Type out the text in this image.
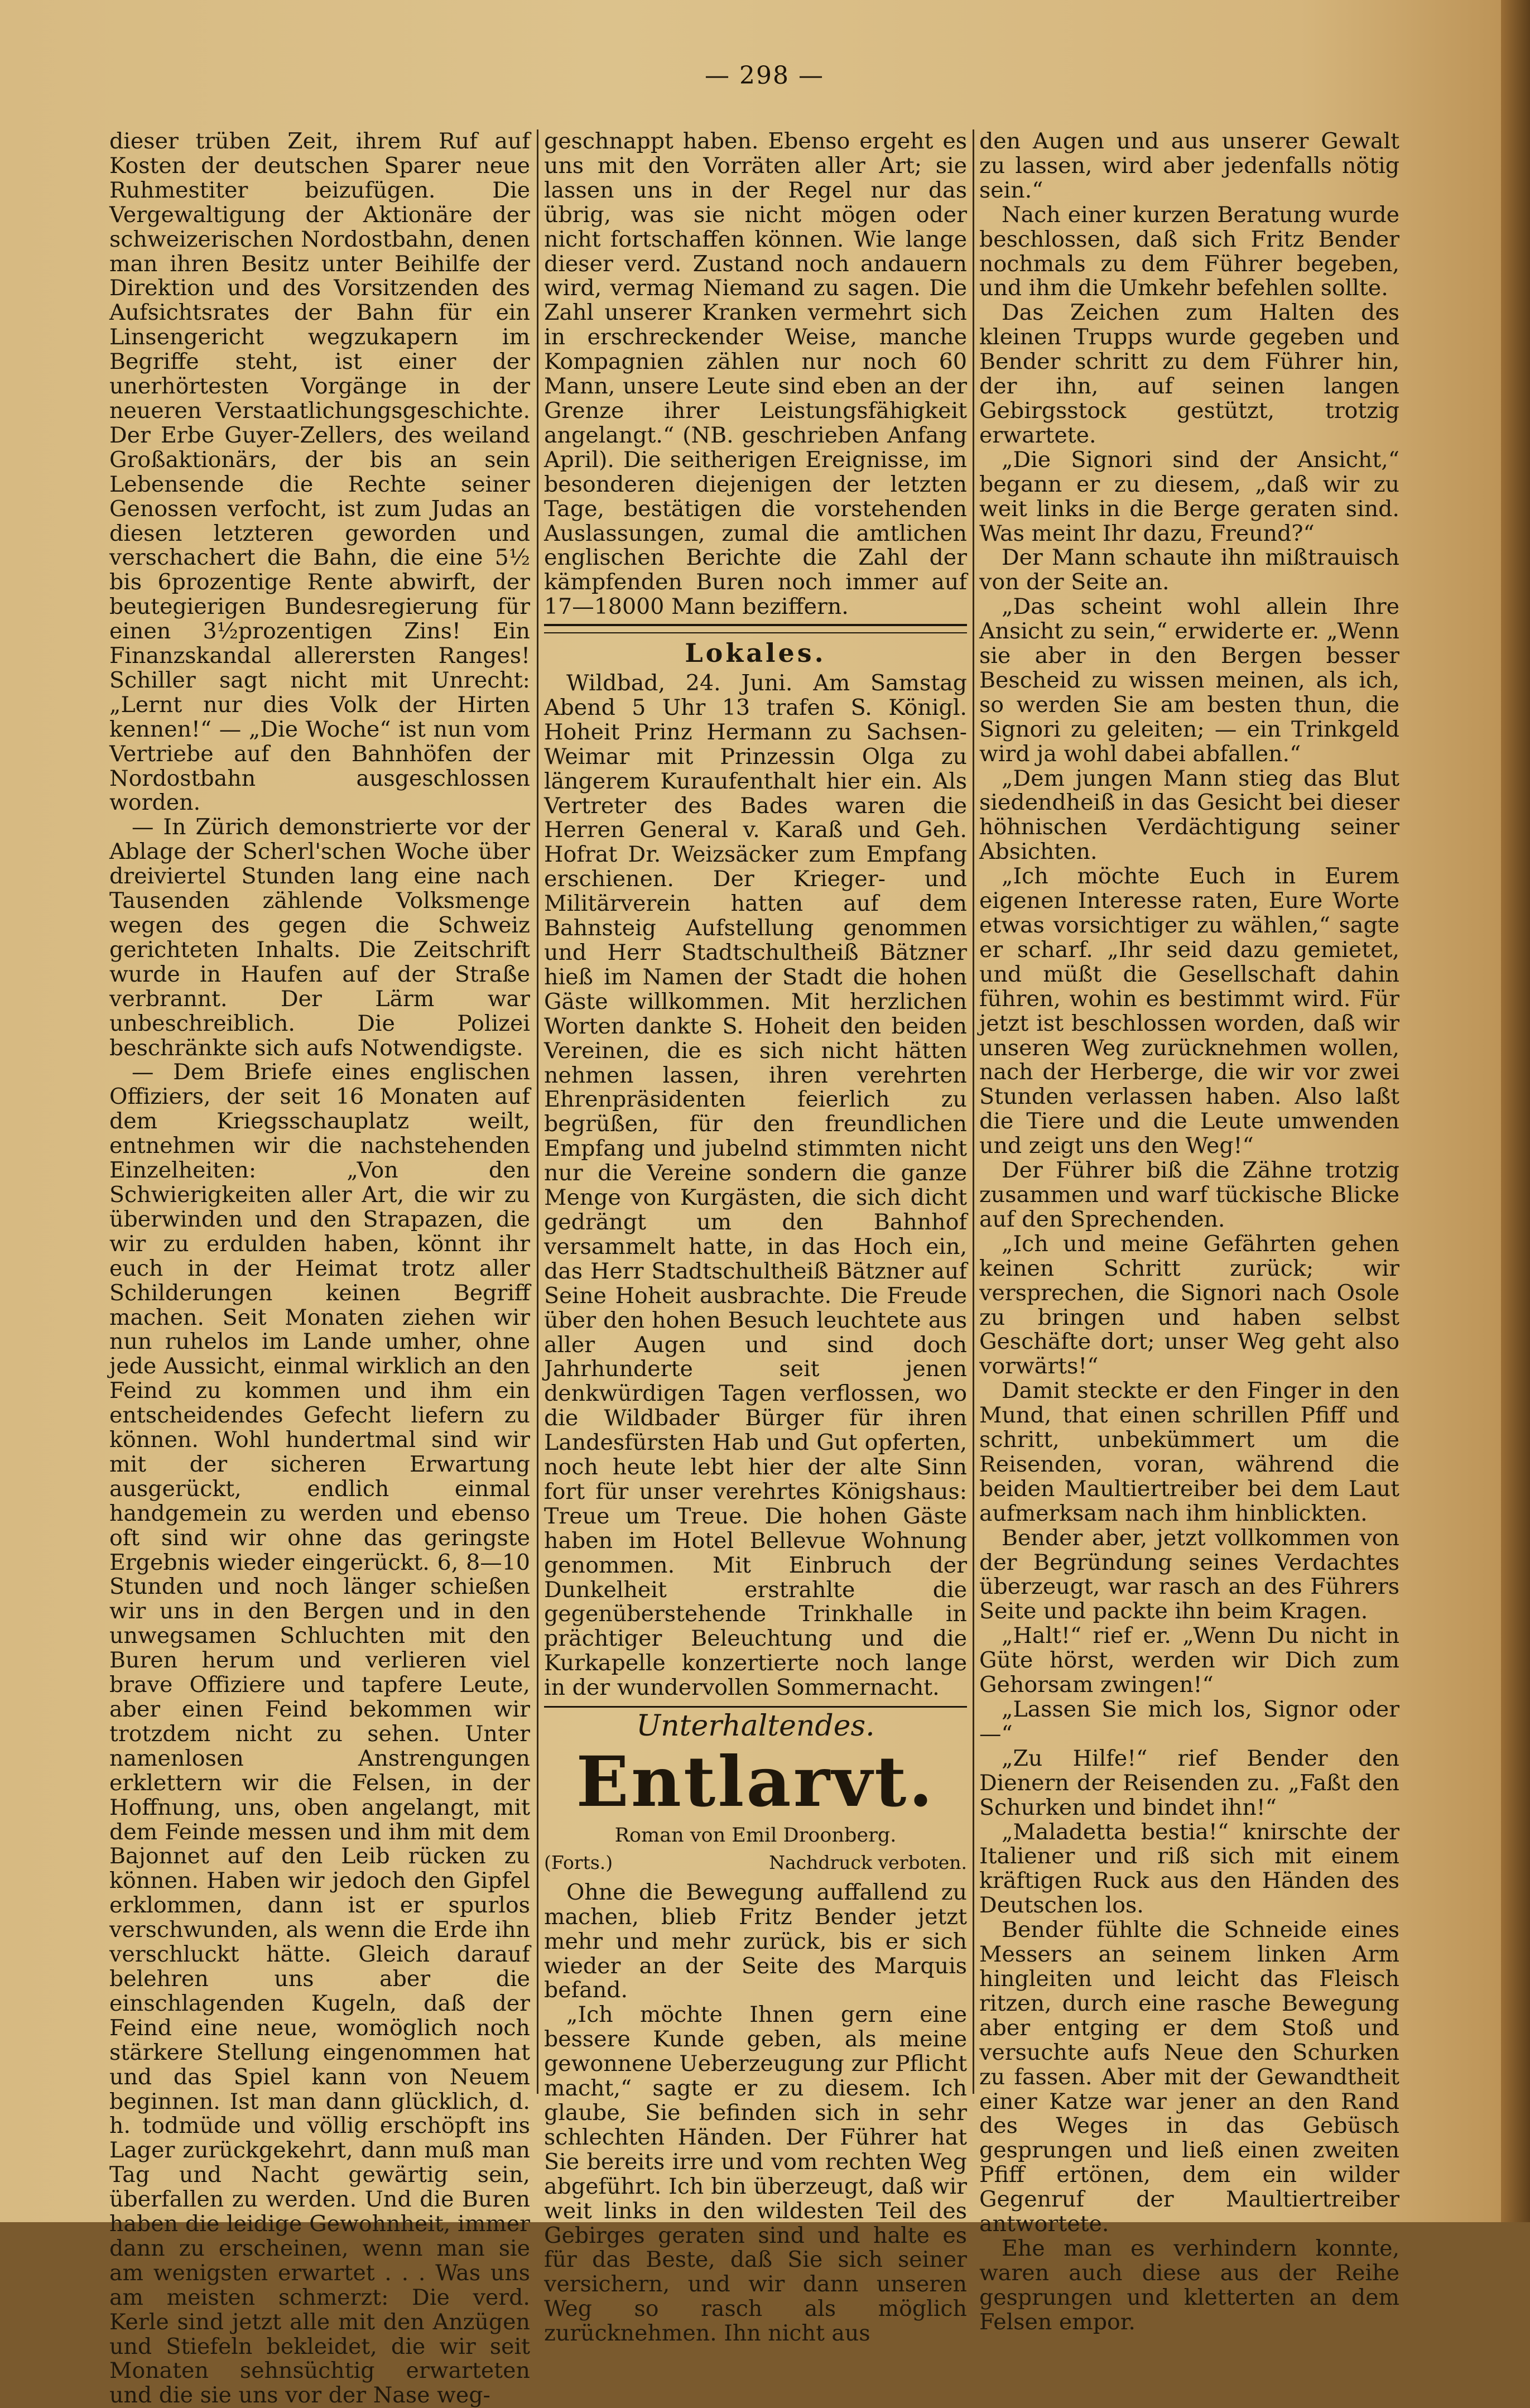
— 298 —

dieser trüben Zeit, ihrem Ruf auf Kosten der deutschen Sparer neue Ruhmestiter beizufügen. Die Vergewaltigung der Aktionäre der schweizerischen Nordostbahn, denen man ihren Besitz unter Beihilfe der Direktion und des Vorsitzenden des Aufsichtsrates der Bahn für ein Linsengericht wegzukapern im Begriffe steht, ist einer der unerhörtesten Vorgänge in der neueren Verstaatlichungsgeschichte. Der Erbe Guyer-Zellers, des weiland Großaktionärs, der bis an sein Lebensende die Rechte seiner Genossen verfocht, ist zum Judas an diesen letzteren geworden und verschachert die Bahn, die eine 5½ bis 6prozentige Rente abwirft, der beutegierigen Bundesregierung für einen 3½prozentigen Zins! Ein Finanzskandal allerersten Ranges! Schiller sagt nicht mit Unrecht: „Lernt nur dies Volk der Hirten kennen!“ — „Die Woche“ ist nun vom Vertriebe auf den Bahnhöfen der Nordostbahn ausgeschlossen worden.

— In Zürich demonstrierte vor der Ablage der Scherl'schen Woche über dreiviertel Stunden lang eine nach Tausenden zählende Volksmenge wegen des gegen die Schweiz gerichteten Inhalts. Die Zeitschrift wurde in Haufen auf der Straße verbrannt. Der Lärm war unbeschreiblich. Die Polizei beschränkte sich aufs Notwendigste.

— Dem Briefe eines englischen Offiziers, der seit 16 Monaten auf dem Kriegsschauplatz weilt, entnehmen wir die nachstehenden Einzelheiten: „Von den Schwierigkeiten aller Art, die wir zu überwinden und den Strapazen, die wir zu erdulden haben, könnt ihr euch in der Heimat trotz aller Schilderungen keinen Begriff machen. Seit Monaten ziehen wir nun ruhelos im Lande umher, ohne jede Aussicht, einmal wirklich an den Feind zu kommen und ihm ein entscheidendes Gefecht liefern zu können. Wohl hundertmal sind wir mit der sicheren Erwartung ausgerückt, endlich einmal handgemein zu werden und ebenso oft sind wir ohne das geringste Ergebnis wieder eingerückt. 6, 8—10 Stunden und noch länger schießen wir uns in den Bergen und in den unwegsamen Schluchten mit den Buren herum und verlieren viel brave Offiziere und tapfere Leute, aber einen Feind bekommen wir trotzdem nicht zu sehen. Unter namenlosen Anstrengungen erklettern wir die Felsen, in der Hoffnung, uns, oben angelangt, mit dem Feinde messen und ihm mit dem Bajonnet auf den Leib rücken zu können. Haben wir jedoch den Gipfel erklommen, dann ist er spurlos verschwunden, als wenn die Erde ihn verschluckt hätte. Gleich darauf belehren uns aber die einschlagenden Kugeln, daß der Feind eine neue, womöglich noch stärkere Stellung eingenommen hat und das Spiel kann von Neuem beginnen. Ist man dann glücklich, d. h. todmüde und völlig erschöpft ins Lager zurückgekehrt, dann muß man Tag und Nacht gewärtig sein, überfallen zu werden. Und die Buren haben die leidige Gewohnheit, immer dann zu erscheinen, wenn man sie am wenigsten erwartet . . . Was uns am meisten schmerzt: Die verd. Kerle sind jetzt alle mit den Anzügen und Stiefeln bekleidet, die wir seit Monaten sehnsüchtig erwarteten und die sie uns vor der Nase weg-

geschnappt haben. Ebenso ergeht es uns mit den Vorräten aller Art; sie lassen uns in der Regel nur das übrig, was sie nicht mögen oder nicht fortschaffen können. Wie lange dieser verd. Zustand noch andauern wird, vermag Niemand zu sagen. Die Zahl unserer Kranken vermehrt sich in erschreckender Weise, manche Kompagnien zählen nur noch 60 Mann, unsere Leute sind eben an der Grenze ihrer Leistungsfähigkeit angelangt.“ (NB. geschrieben Anfang April). Die seitherigen Ereignisse, im besonderen diejenigen der letzten Tage, bestätigen die vorstehenden Auslassungen, zumal die amtlichen englischen Berichte die Zahl der kämpfenden Buren noch immer auf 17—18000 Mann beziffern.

Lokales.

Wildbad, 24. Juni. Am Samstag Abend 5 Uhr 13 trafen S. Königl. Hoheit Prinz Hermann zu Sachsen-Weimar mit Prinzessin Olga zu längerem Kuraufenthalt hier ein. Als Vertreter des Bades waren die Herren General v. Karaß und Geh. Hofrat Dr. Weizsäcker zum Empfang erschienen. Der Krieger- und Militärverein hatten auf dem Bahnsteig Aufstellung genommen und Herr Stadtschultheiß Bätzner hieß im Namen der Stadt die hohen Gäste willkommen. Mit herzlichen Worten dankte S. Hoheit den beiden Vereinen, die es sich nicht hätten nehmen lassen, ihren verehrten Ehrenpräsidenten feierlich zu begrüßen, für den freundlichen Empfang und jubelnd stimmten nicht nur die Vereine sondern die ganze Menge von Kurgästen, die sich dicht gedrängt um den Bahnhof versammelt hatte, in das Hoch ein, das Herr Stadtschultheiß Bätzner auf Seine Hoheit ausbrachte. Die Freude über den hohen Besuch leuchtete aus aller Augen und sind doch Jahrhunderte seit jenen denkwürdigen Tagen verflossen, wo die Wildbader Bürger für ihren Landesfürsten Hab und Gut opferten, noch heute lebt hier der alte Sinn fort für unser verehrtes Königshaus: Treue um Treue. Die hohen Gäste haben im Hotel Bellevue Wohnung genommen. Mit Einbruch der Dunkelheit erstrahlte die gegenüberstehende Trinkhalle in prächtiger Beleuchtung und die Kurkapelle konzertierte noch lange in der wundervollen Sommernacht.

Unterhaltendes.
Entlarvt.
Roman von Emil Droonberg.
(Forts.)	Nachdruck verboten.

Ohne die Bewegung auffallend zu machen, blieb Fritz Bender jetzt mehr und mehr zurück, bis er sich wieder an der Seite des Marquis befand.

„Ich möchte Ihnen gern eine bessere Kunde geben, als meine gewonnene Ueberzeugung zur Pflicht macht,“ sagte er zu diesem. Ich glaube, Sie befinden sich in sehr schlechten Händen. Der Führer hat Sie bereits irre und vom rechten Weg abgeführt. Ich bin überzeugt, daß wir weit links in den wildesten Teil des Gebirges geraten sind und halte es für das Beste, daß Sie sich seiner versichern, und wir dann unseren Weg so rasch als möglich zurücknehmen. Ihn nicht aus

den Augen und aus unserer Gewalt zu lassen, wird aber jedenfalls nötig sein.“

Nach einer kurzen Beratung wurde beschlossen, daß sich Fritz Bender nochmals zu dem Führer begeben, und ihm die Umkehr befehlen sollte.

Das Zeichen zum Halten des kleinen Trupps wurde gegeben und Bender schritt zu dem Führer hin, der ihn, auf seinen langen Gebirgsstock gestützt, trotzig erwartete.

„Die Signori sind der Ansicht,“ begann er zu diesem, „daß wir zu weit links in die Berge geraten sind. Was meint Ihr dazu, Freund?“

Der Mann schaute ihn mißtrauisch von der Seite an.

„Das scheint wohl allein Ihre Ansicht zu sein,“ erwiderte er. „Wenn sie aber in den Bergen besser Bescheid zu wissen meinen, als ich, so werden Sie am besten thun, die Signori zu geleiten; — ein Trinkgeld wird ja wohl dabei abfallen.“

„Dem jungen Mann stieg das Blut siedendheiß in das Gesicht bei dieser höhnischen Verdächtigung seiner Absichten.

„Ich möchte Euch in Eurem eigenen Interesse raten, Eure Worte etwas vorsichtiger zu wählen,“ sagte er scharf. „Ihr seid dazu gemietet, und müßt die Gesellschaft dahin führen, wohin es bestimmt wird. Für jetzt ist beschlossen worden, daß wir unseren Weg zurücknehmen wollen, nach der Herberge, die wir vor zwei Stunden verlassen haben. Also laßt die Tiere und die Leute umwenden und zeigt uns den Weg!“

Der Führer biß die Zähne trotzig zusammen und warf tückische Blicke auf den Sprechenden.

„Ich und meine Gefährten gehen keinen Schritt zurück; wir versprechen, die Signori nach Osole zu bringen und haben selbst Geschäfte dort; unser Weg geht also vorwärts!“

Damit steckte er den Finger in den Mund, that einen schrillen Pfiff und schritt, unbekümmert um die Reisenden, voran, während die beiden Maultiertreiber bei dem Laut aufmerksam nach ihm hinblickten.

Bender aber, jetzt vollkommen von der Begründung seines Verdachtes überzeugt, war rasch an des Führers Seite und packte ihn beim Kragen.

„Halt!“ rief er. „Wenn Du nicht in Güte hörst, werden wir Dich zum Gehorsam zwingen!“

„Lassen Sie mich los, Signor oder —“

„Zu Hilfe!“ rief Bender den Dienern der Reisenden zu. „Faßt den Schurken und bindet ihn!“

„Maladetta bestia!“ knirschte der Italiener und riß sich mit einem kräftigen Ruck aus den Händen des Deutschen los.

Bender fühlte die Schneide eines Messers an seinem linken Arm hingleiten und leicht das Fleisch ritzen, durch eine rasche Bewegung aber entging er dem Stoß und versuchte aufs Neue den Schurken zu fassen. Aber mit der Gewandtheit einer Katze war jener an den Rand des Weges in das Gebüsch gesprungen und ließ einen zweiten Pfiff ertönen, dem ein wilder Gegenruf der Maultiertreiber antwortete.

Ehe man es verhindern konnte, waren auch diese aus der Reihe gesprungen und kletterten an dem Felsen empor.
